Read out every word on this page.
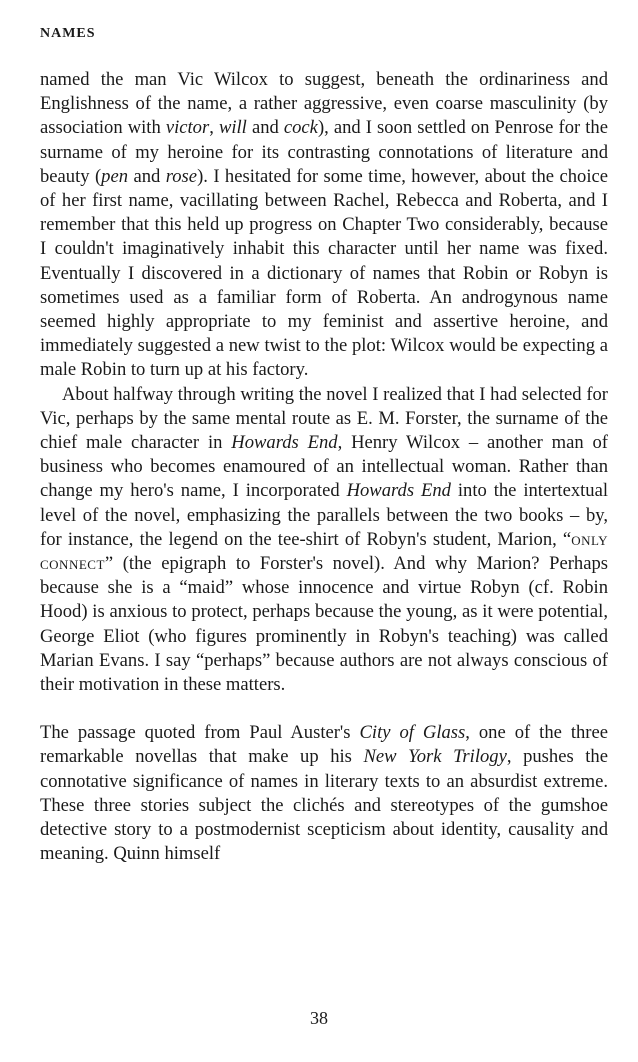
NAMES

named the man Vic Wilcox to suggest, beneath the ordinariness and Englishness of the name, a rather aggressive, even coarse masculinity (by association with victor, will and cock), and I soon settled on Penrose for the surname of my heroine for its contrasting connotations of literature and beauty (pen and rose). I hesitated for some time, however, about the choice of her first name, vacillating between Rachel, Rebecca and Roberta, and I remember that this held up progress on Chapter Two considerably, because I couldn't imaginatively inhabit this character until her name was fixed. Eventually I discovered in a dictionary of names that Robin or Robyn is sometimes used as a familiar form of Roberta. An androgynous name seemed highly appropriate to my feminist and assertive heroine, and immediately suggested a new twist to the plot: Wilcox would be expecting a male Robin to turn up at his factory.

About halfway through writing the novel I realized that I had selected for Vic, perhaps by the same mental route as E. M. Forster, the surname of the chief male character in Howards End, Henry Wilcox – another man of business who becomes enamoured of an intellectual woman. Rather than change my hero's name, I incorporated Howards End into the intertextual level of the novel, emphasizing the parallels between the two books – by, for instance, the legend on the tee-shirt of Robyn's student, Marion, “only connect” (the epigraph to Forster's novel). And why Marion? Perhaps because she is a “maid” whose innocence and virtue Robyn (cf. Robin Hood) is anxious to protect, perhaps because the young, as it were potential, George Eliot (who figures prominently in Robyn's teaching) was called Marian Evans. I say “perhaps” because authors are not always conscious of their motivation in these matters.

The passage quoted from Paul Auster's City of Glass, one of the three remarkable novellas that make up his New York Trilogy, pushes the connotative significance of names in literary texts to an absurdist extreme. These three stories subject the clichés and stereotypes of the gumshoe detective story to a postmodernist scepticism about identity, causality and meaning. Quinn himself

38
